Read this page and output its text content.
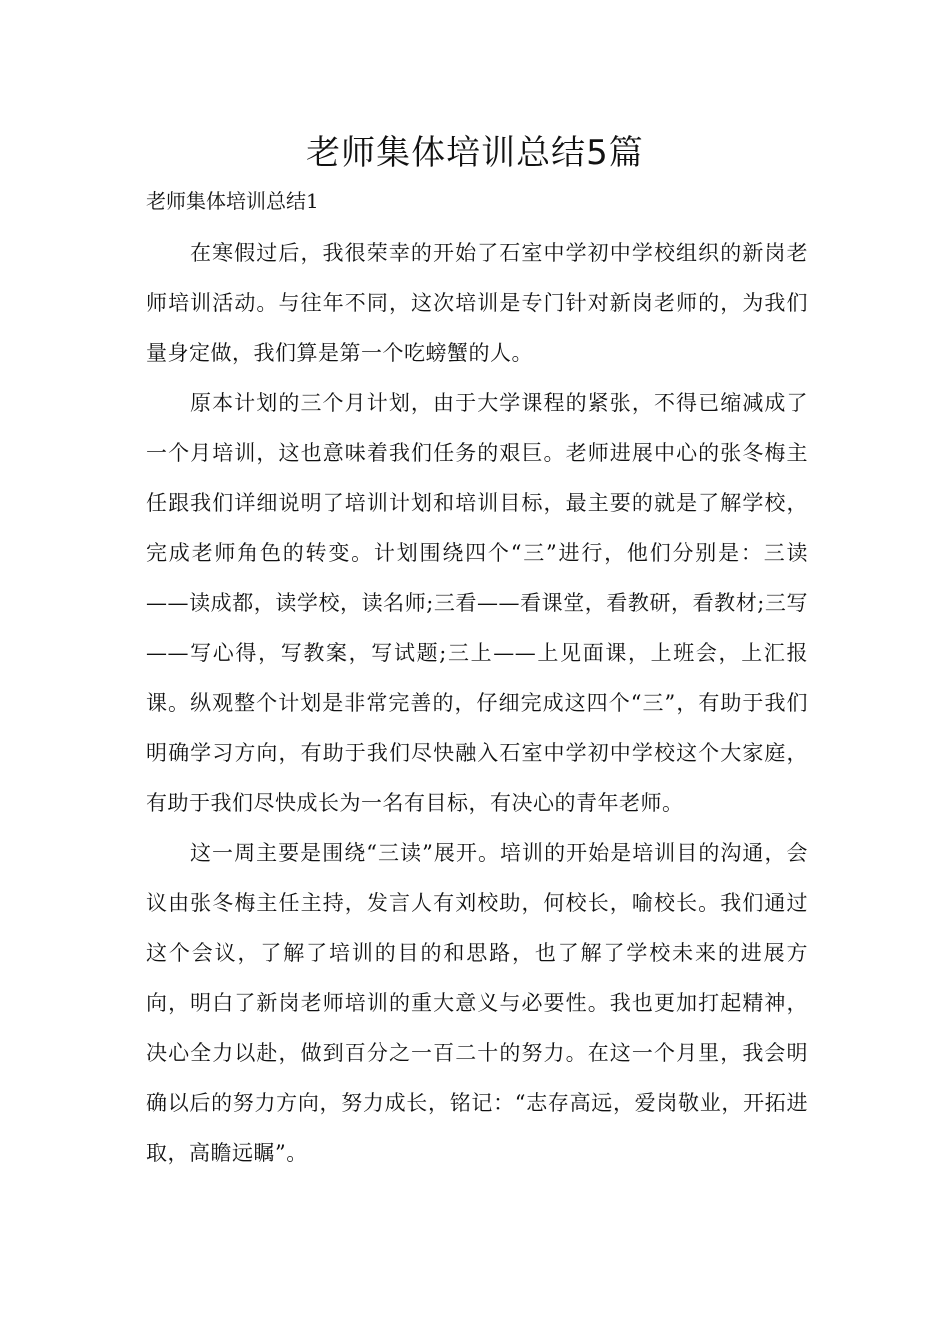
老师集体培训总结5篇

老师集体培训总结1

在寒假过后，我很荣幸的开始了石室中学初中学校组织的新岗老师培训活动。与往年不同，这次培训是专门针对新岗老师的，为我们量身定做，我们算是第一个吃螃蟹的人。

原本计划的三个月计划，由于大学课程的紧张，不得已缩减成了一个月培训，这也意味着我们任务的艰巨。老师进展中心的张冬梅主任跟我们详细说明了培训计划和培训目标，最主要的就是了解学校，完成老师角色的转变。计划围绕四个“三”进行，他们分别是：三读——读成都，读学校，读名师;三看——看课堂，看教研，看教材;三写——写心得，写教案，写试题;三上——上见面课，上班会，上汇报课。纵观整个计划是非常完善的，仔细完成这四个“三”，有助于我们明确学习方向，有助于我们尽快融入石室中学初中学校这个大家庭，有助于我们尽快成长为一名有目标，有决心的青年老师。

这一周主要是围绕“三读”展开。培训的开始是培训目的沟通，会议由张冬梅主任主持，发言人有刘校助，何校长，喻校长。我们通过这个会议，了解了培训的目的和思路，也了解了学校未来的进展方向，明白了新岗老师培训的重大意义与必要性。我也更加打起精神，决心全力以赴，做到百分之一百二十的努力。在这一个月里，我会明确以后的努力方向，努力成长，铭记：“志存高远，爱岗敬业，开拓进取，高瞻远瞩”。
